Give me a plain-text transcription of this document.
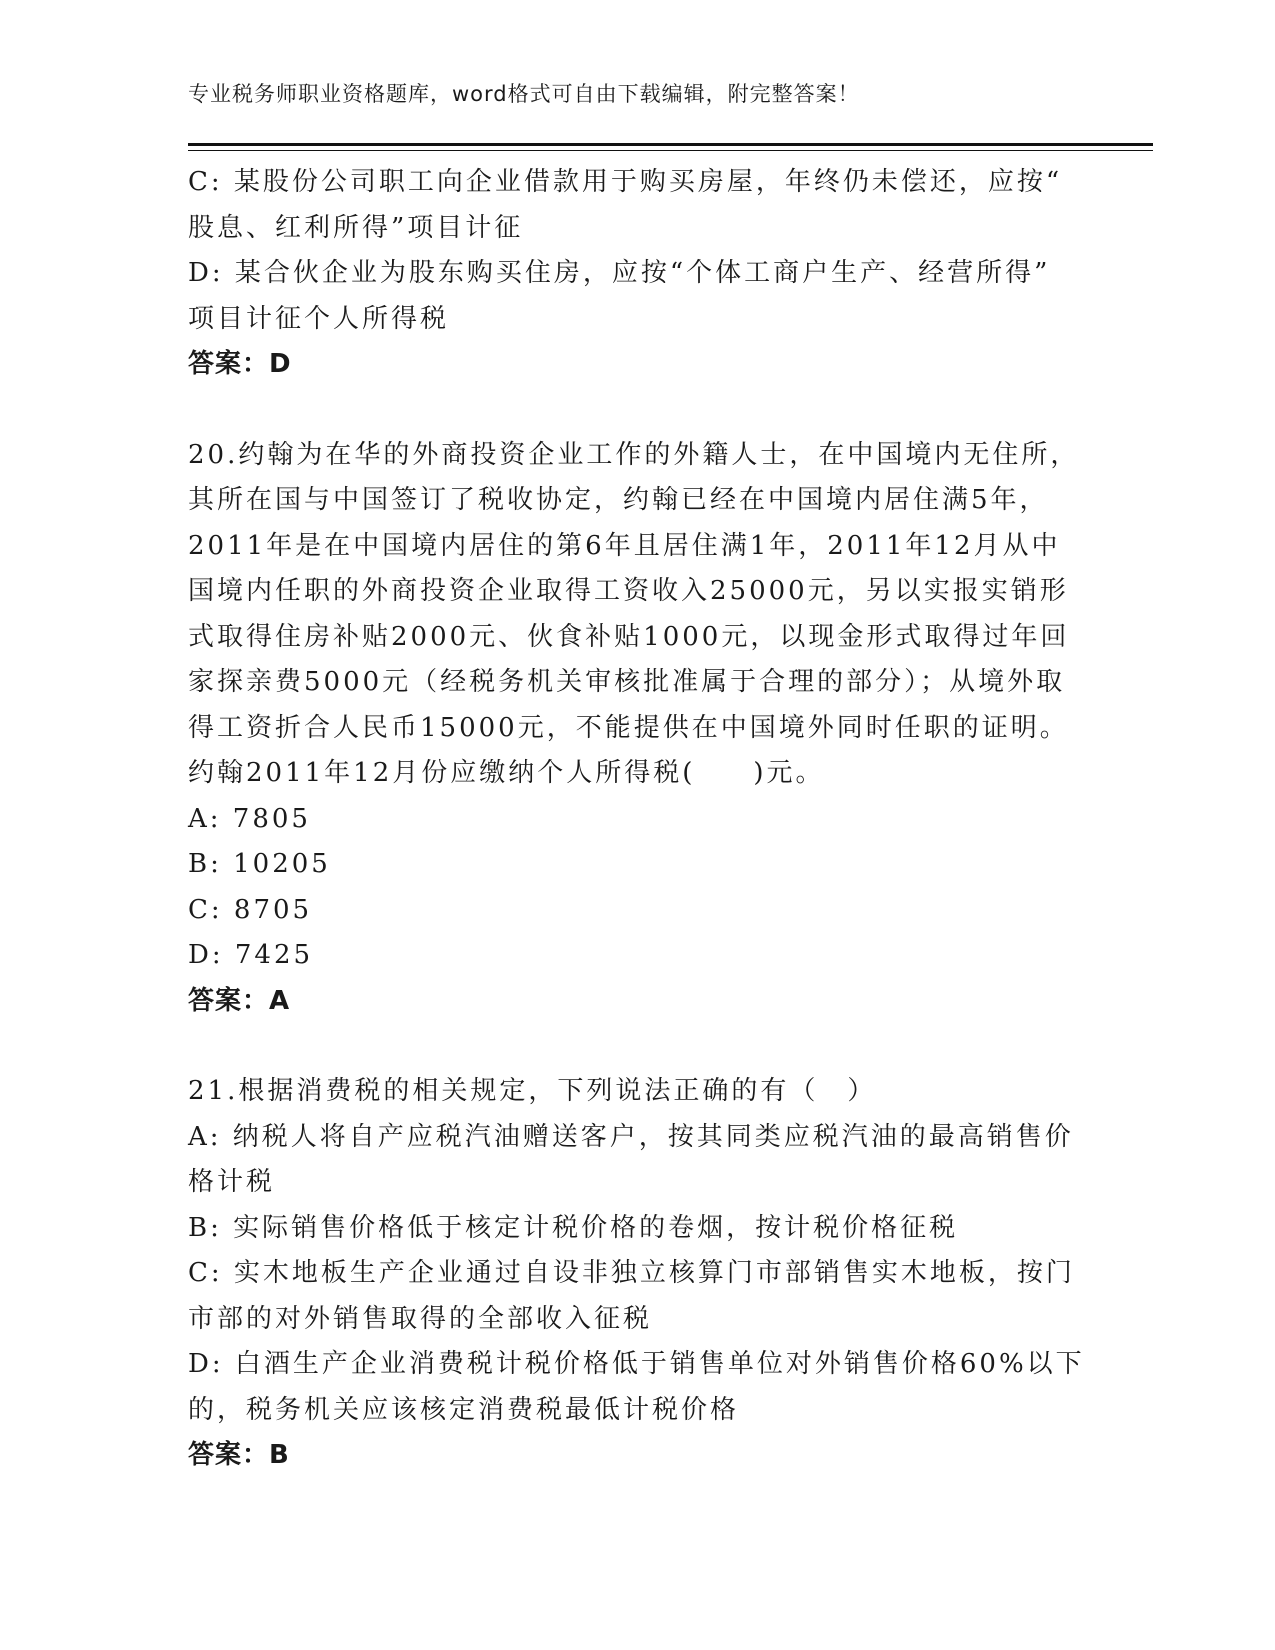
专业税务师职业资格题库，word格式可自由下载编辑，附完整答案！
C: 某股份公司职工向企业借款用于购买房屋，年终仍未偿还，应按“
股息、红利所得”项目计征
D: 某合伙企业为股东购买住房，应按“个体工商户生产、经营所得”
项目计征个人所得税
答案：D
20.约翰为在华的外商投资企业工作的外籍人士，在中国境内无住所，
其所在国与中国签订了税收协定，约翰已经在中国境内居住满5年，
2011年是在中国境内居住的第6年且居住满1年，2011年12月从中
国境内任职的外商投资企业取得工资收入25000元，另以实报实销形
式取得住房补贴2000元、伙食补贴1000元，以现金形式取得过年回
家探亲费5000元（经税务机关审核批准属于合理的部分）；从境外取
得工资折合人民币15000元，不能提供在中国境外同时任职的证明。
约翰2011年12月份应缴纳个人所得税(　　)元。
A: 7805
B: 10205
C: 8705
D: 7425
答案：A
21.根据消费税的相关规定，下列说法正确的有（　）
A: 纳税人将自产应税汽油赠送客户，按其同类应税汽油的最高销售价
格计税
B: 实际销售价格低于核定计税价格的卷烟，按计税价格征税
C: 实木地板生产企业通过自设非独立核算门市部销售实木地板，按门
市部的对外销售取得的全部收入征税
D: 白酒生产企业消费税计税价格低于销售单位对外销售价格60%以下
的，税务机关应该核定消费税最低计税价格
答案：B
